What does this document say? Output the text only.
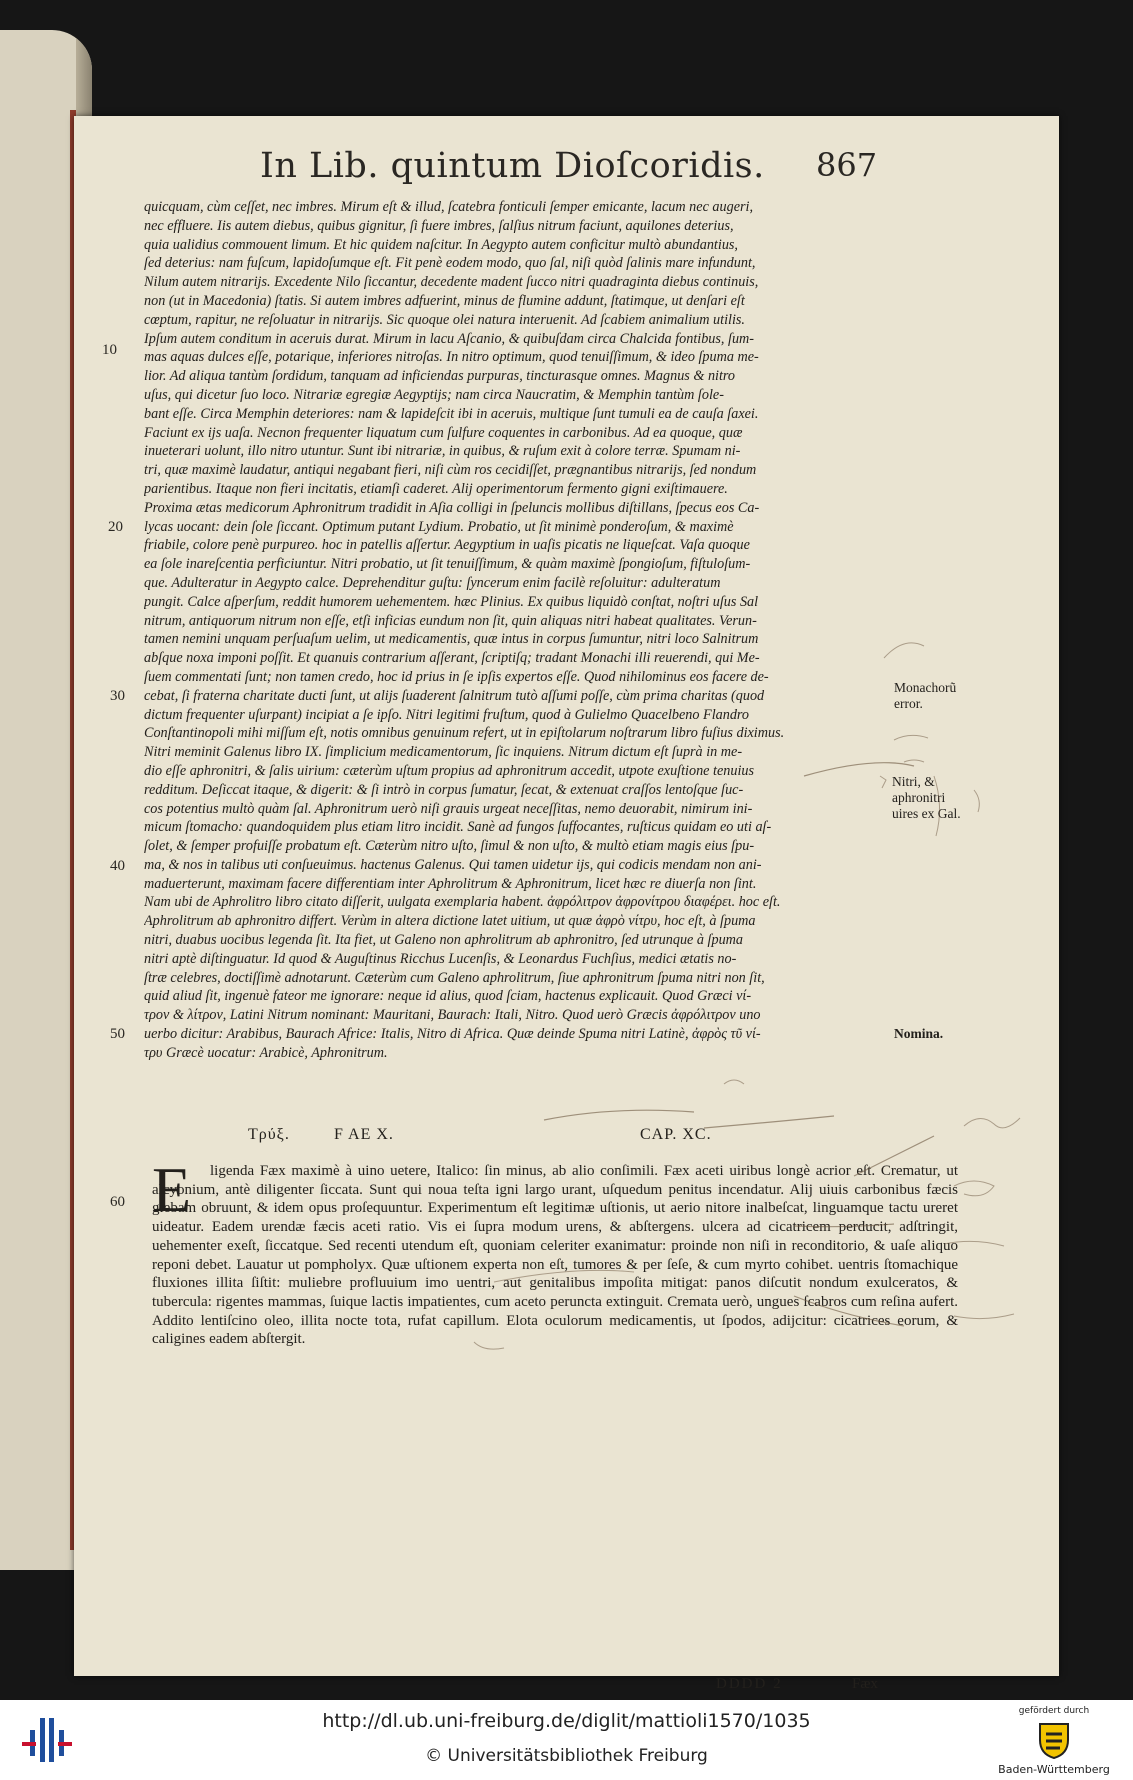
In Lib. quintum Dioſcoridis. 867

quicquam, cùm ceſſet, nec imbres. Mirum eſt & illud, ſcatebra fonticuli ſemper emicante, lacum nec augeri,

nec effluere. Iis autem diebus, quibus gignitur, ſi fuere imbres, ſalſius nitrum faciunt, aquilones deterius,

quia ualidius commouent limum. Et hic quidem naſcitur. In Aegypto autem conficitur multò abundantius,

ſed deterius: nam fuſcum, lapidoſumque eſt. Fit penè eodem modo, quo ſal, niſi quòd ſalinis mare infundunt,

Nilum autem nitrarijs. Excedente Nilo ſiccantur, decedente madent ſucco nitri quadraginta diebus continuis,

non (ut in Macedonia) ſtatis. Si autem imbres adfuerint, minus de flumine addunt, ſtatimque, ut denſari eſt

cœptum, rapitur, ne reſoluatur in nitrarijs. Sic quoque olei natura interuenit. Ad ſcabiem animalium utilis.

Ipſum autem conditum in aceruis durat. Mirum in lacu Aſcanio, & quibuſdam circa Chalcida fontibus, ſum-

mas aquas dulces eſſe, potarique, inferiores nitroſas. In nitro optimum, quod tenuiſſimum, & ideo ſpuma me-

lior. Ad aliqua tantùm ſordidum, tanquam ad inficiendas purpuras, tincturasque omnes. Magnus & nitro

uſus, qui dicetur ſuo loco. Nitrariæ egregiæ Aegyptijs; nam circa Naucratim, & Memphin tantùm ſole-

bant eſſe. Circa Memphin deteriores: nam & lapideſcit ibi in aceruis, multique ſunt tumuli ea de cauſa ſaxei.

Faciunt ex ijs uaſa. Necnon frequenter liquatum cum ſulfure coquentes in carbonibus. Ad ea quoque, quæ

inueterari uolunt, illo nitro utuntur. Sunt ibi nitrariæ, in quibus, & ruſum exit à colore terræ. Spumam ni-

tri, quæ maximè laudatur, antiqui negabant fieri, niſi cùm ros cecidiſſet, prægnantibus nitrarijs, ſed nondum

parientibus. Itaque non fieri incitatis, etiamſi caderet. Alij operimentorum fermento gigni exiſtimauere.

Proxima ætas medicorum Aphronitrum tradidit in Aſia colligi in ſpeluncis mollibus diſtillans, ſpecus eos Ca-

lycas uocant: dein ſole ſiccant. Optimum putant Lydium. Probatio, ut ſit minimè ponderoſum, & maximè

friabile, colore penè purpureo. hoc in patellis aſſertur. Aegyptium in uaſis picatis ne liqueſcat. Vaſa quoque

ea ſole inareſcentia perficiuntur. Nitri probatio, ut ſit tenuiſſimum, & quàm maximè ſpongioſum, fiſtuloſum-

que. Adulteratur in Aegypto calce. Deprehenditur guſtu: ſyncerum enim facilè reſoluitur: adulteratum

pungit. Calce aſperſum, reddit humorem uehementem. hæc Plinius. Ex quibus liquidò conſtat, noſtri uſus Sal

nitrum, antiquorum nitrum non eſſe, etſi inficias eundum non ſit, quin aliquas nitri habeat qualitates. Verun-

tamen nemini unquam perſuaſum uelim, ut medicamentis, quæ intus in corpus ſumuntur, nitri loco Salnitrum

abſque noxa imponi poſſit. Et quanuis contrarium aſſerant, ſcriptiſq; tradant Monachi illi reuerendi, qui Me-

ſuem commentati ſunt; non tamen credo, hoc id prius in ſe ipſis expertos eſſe. Quod nihilominus eos facere de-

cebat, ſi fraterna charitate ducti ſunt, ut alijs ſuaderent ſalnitrum tutò aſſumi poſſe, cùm prima charitas (quod

dictum frequenter uſurpant) incipiat a ſe ipſo. Nitri legitimi fruſtum, quod à Gulielmo Quacelbeno Flandro

Conſtantinopoli mihi miſſum eſt, notis omnibus genuinum refert, ut in epiſtolarum noſtrarum libro fuſius diximus.

Nitri meminit Galenus libro IX. ſimplicium medicamentorum, ſic inquiens. Nitrum dictum eſt ſuprà in me-

dio eſſe aphronitri, & ſalis uirium: cæterùm uſtum propius ad aphronitrum accedit, utpote exuſtione tenuius

redditum. Deſiccat itaque, & digerit: & ſi intrò in corpus ſumatur, ſecat, & extenuat craſſos lentoſque ſuc-

cos potentius multò quàm ſal. Aphronitrum uerò niſi grauis urgeat neceſſitas, nemo deuorabit, nimirum ini-

micum ſtomacho: quandoquidem plus etiam litro incidit. Sanè ad fungos ſuffocantes, ruſticus quidam eo uti aſ-

ſolet, & ſemper profuiſſe probatum eſt. Cæterùm nitro uſto, ſimul & non uſto, & multò etiam magis eius ſpu-

ma, & nos in talibus uti conſueuimus. hactenus Galenus. Qui tamen uidetur ijs, qui codicis mendam non ani-

maduerterunt, maximam facere differentiam inter Aphrolitrum & Aphronitrum, licet hæc re diuerſa non ſint.

Nam ubi de Aphrolitro libro citato diſſerit, uulgata exemplaria habent. ἀφρόλιτρον ἀφρονίτρου διαφέρει. hoc eſt.

Aphrolitrum ab aphronitro differt. Verùm in altera dictione latet uitium, ut quæ ἀφρὸ νίτρυ, hoc eſt, à ſpuma

nitri, duabus uocibus legenda ſit. Ita fiet, ut Galeno non aphrolitrum ab aphronitro, ſed utrunque à ſpuma

nitri aptè diſtinguatur. Id quod & Auguſtinus Ricchus Lucenſis, & Leonardus Fuchſius, medici ætatis no-

ſtræ celebres, doctiſſimè adnotarunt. Cæterùm cum Galeno aphrolitrum, ſiue aphronitrum ſpuma nitri non ſit,

quid aliud ſit, ingenuè fateor me ignorare: neque id alius, quod ſciam, hactenus explicauit. Quod Græci νί-

τρον & λίτρον, Latini Nitrum nominant: Mauritani, Baurach: Itali, Nitro. Quod uerò Græcis ἀφρόλιτρον uno

uerbo dicitur: Arabibus, Baurach Africe: Italis, Nitro di Africa. Quæ deinde Spuma nitri Latinè, ἀφρὸς τῦ νί-

τρυ Græcè uocatur: Arabicè, Aphronitrum.

10
20
30
40
50
60
Monachorũ error.
Nitri, & aphronitri uires ex Gal.
Nomina.
Τρύξ.	F AE X.	CAP. XC.
E	ligenda Fæx maximè à uino uetere, Italico: ſin minus, ab alio conſimili. Fæx aceti uiribus longè acrior eſt. Crematur, ut alcyonium, antè diligenter ſiccata. Sunt qui noua teſta igni largo urant, uſquedum penitus incendatur. Alij uiuis carbonibus fæcis glebam obruunt, & idem opus proſequuntur. Experimentum eſt legitimæ uſtionis, ut aerio nitore inalbeſcat, linguamque tactu ureret uideatur. Eadem urendæ fæcis aceti ratio. Vis ei ſupra modum urens, & abſtergens. ulcera ad cicatricem perducit, adſtringit, uehementer exeſt, ſiccatque. Sed recenti utendum eſt, quoniam celeriter exanimatur: proinde non niſi in reconditorio, & uaſe aliquo reponi debet. Lauatur ut pompholyx. Quæ uſtionem experta non eſt, tumores & per ſeſe, & cum myrto cohibet. uentris ſtomachique fluxiones illita ſiſtit: muliebre profluuium imo uentri, aut genitalibus impoſita mitigat: panos diſcutit nondum exulceratos, & tubercula: rigentes mammas, ſuique lactis impatientes, cum aceto perunctа extinguit. Cremata uerò, ungues ſcabros cum reſina aufert. Addito lentiſcino oleo, illita nocte tota, rufat capillum. Elota oculorum medicamentis, ut ſpodos, adijcitur: cicatrices eorum, & caligines eadem abſtergit.

DDDD 2	Fæx
http://dl.ub.uni-freiburg.de/diglit/mattioli1570/1035
© Universitätsbibliothek Freiburg
gefördert durch
Baden-Württemberg
